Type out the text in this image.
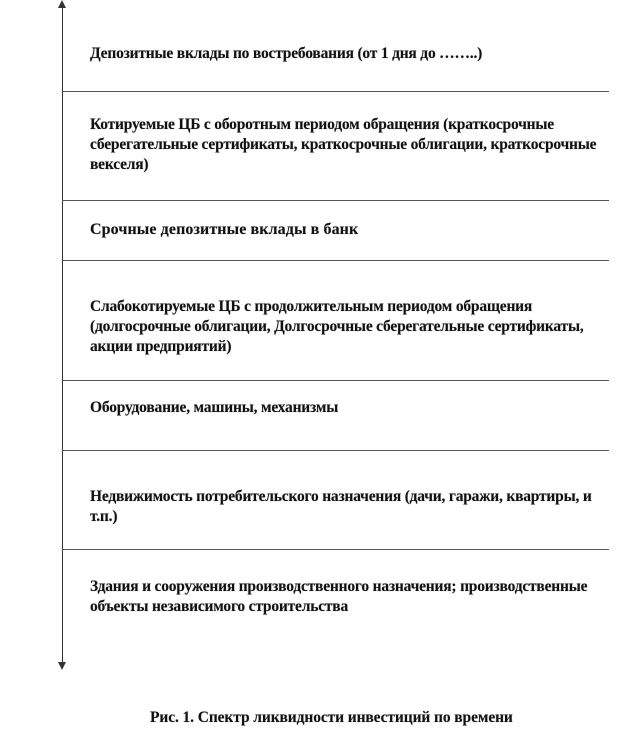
Депозитные вклады по востребования (от 1 дня до ……..)
Котируемые ЦБ с оборотным периодом обращения (краткосрочные сберегательные сертификаты, краткосрочные облигации, краткосрочные векселя)
Срочные депозитные вклады в банк
Слабокотируемые ЦБ с продолжительным периодом обращения (долгосрочные облигации, Долгосрочные сберегательные сертификаты, акции предприятий)
Оборудование, машины, механизмы
Недвижимость потребительского назначения (дачи, гаражи, квартиры, и т.п.)
Здания и сооружения производственного назначения; производственные объекты независимого строительства
Рис. 1. Спектр ликвидности инвестиций по времени
